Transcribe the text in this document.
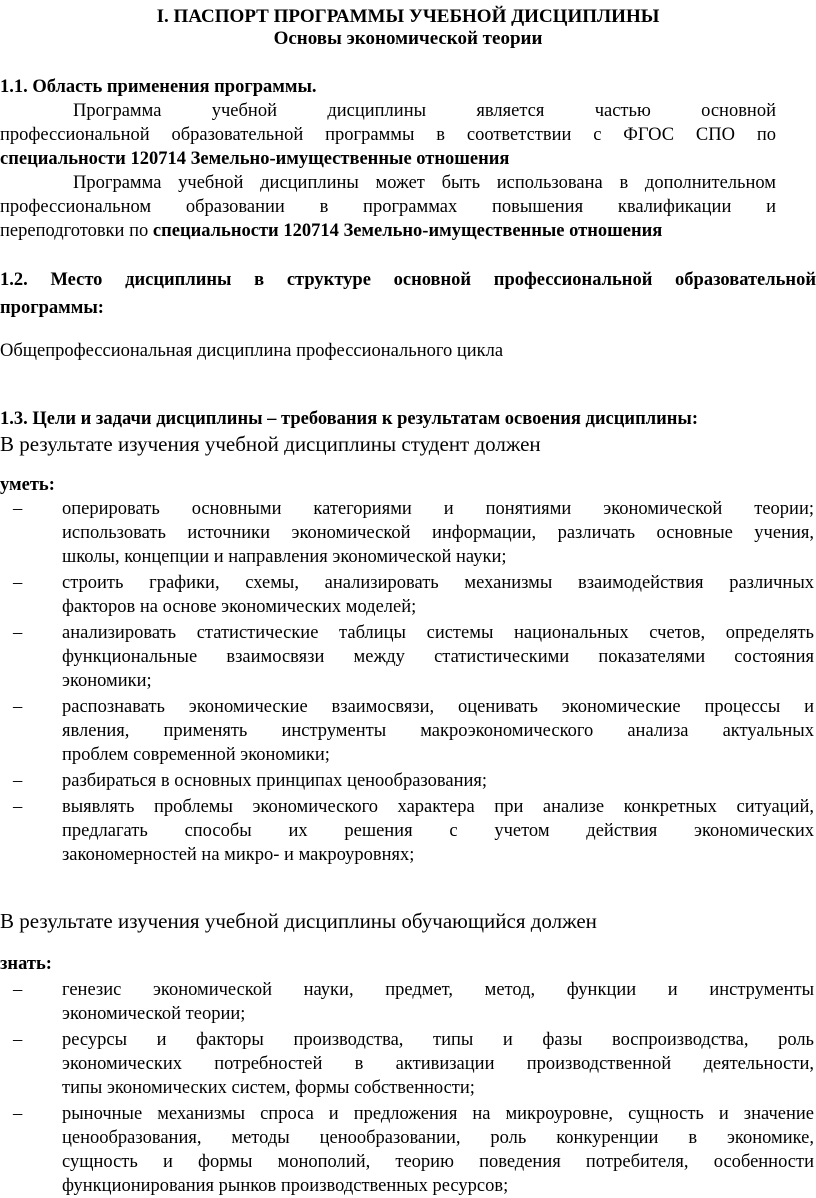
I. ПАСПОРТ ПРОГРАММЫ УЧЕБНОЙ ДИСЦИПЛИНЫ

Основы экономической теории

1.1. Область применения программы.

Программа учебной дисциплины является частью основной

профессиональной образовательной программы в соответствии с ФГОС СПО по

специальности 120714 Земельно-имущественные отношения

Программа учебной дисциплины может быть использована в дополнительном

профессиональном образовании в программах повышения квалификации и

переподготовки по специальности 120714 Земельно-имущественные отношения

1.2. Место дисциплины в структуре основной профессиональной образовательной

программы:

Общепрофессиональная дисциплина профессионального цикла

1.3. Цели и задачи дисциплины – требования к результатам освоения дисциплины:

В результате изучения учебной дисциплины студент должен

уметь:

– оперировать основными категориями и понятиями экономической теории;

использовать источники экономической информации, различать основные учения,

школы, концепции и направления экономической науки;

– строить графики, схемы, анализировать механизмы взаимодействия различных

факторов на основе экономических моделей;

– анализировать статистические таблицы системы национальных счетов, определять

функциональные взаимосвязи между статистическими показателями состояния

экономики;

– распознавать экономические взаимосвязи, оценивать экономические процессы и

явления, применять инструменты макроэкономического анализа актуальных

проблем современной экономики;

– разбираться в основных принципах ценообразования;

– выявлять проблемы экономического характера при анализе конкретных ситуаций,

предлагать способы их решения с учетом действия экономических

закономерностей на микро- и макроуровнях;

В результате изучения учебной дисциплины обучающийся должен

знать:

– генезис экономической науки, предмет, метод, функции и инструменты

экономической теории;

– ресурсы и факторы производства, типы и фазы воспроизводства, роль

экономических потребностей в активизации производственной деятельности,

типы экономических систем, формы собственности;

– рыночные механизмы спроса и предложения на микроуровне, сущность и значение

ценообразования, методы ценообразовании, роль конкуренции в экономике,

сущность и формы монополий, теорию поведения потребителя, особенности

функционирования рынков производственных ресурсов;
